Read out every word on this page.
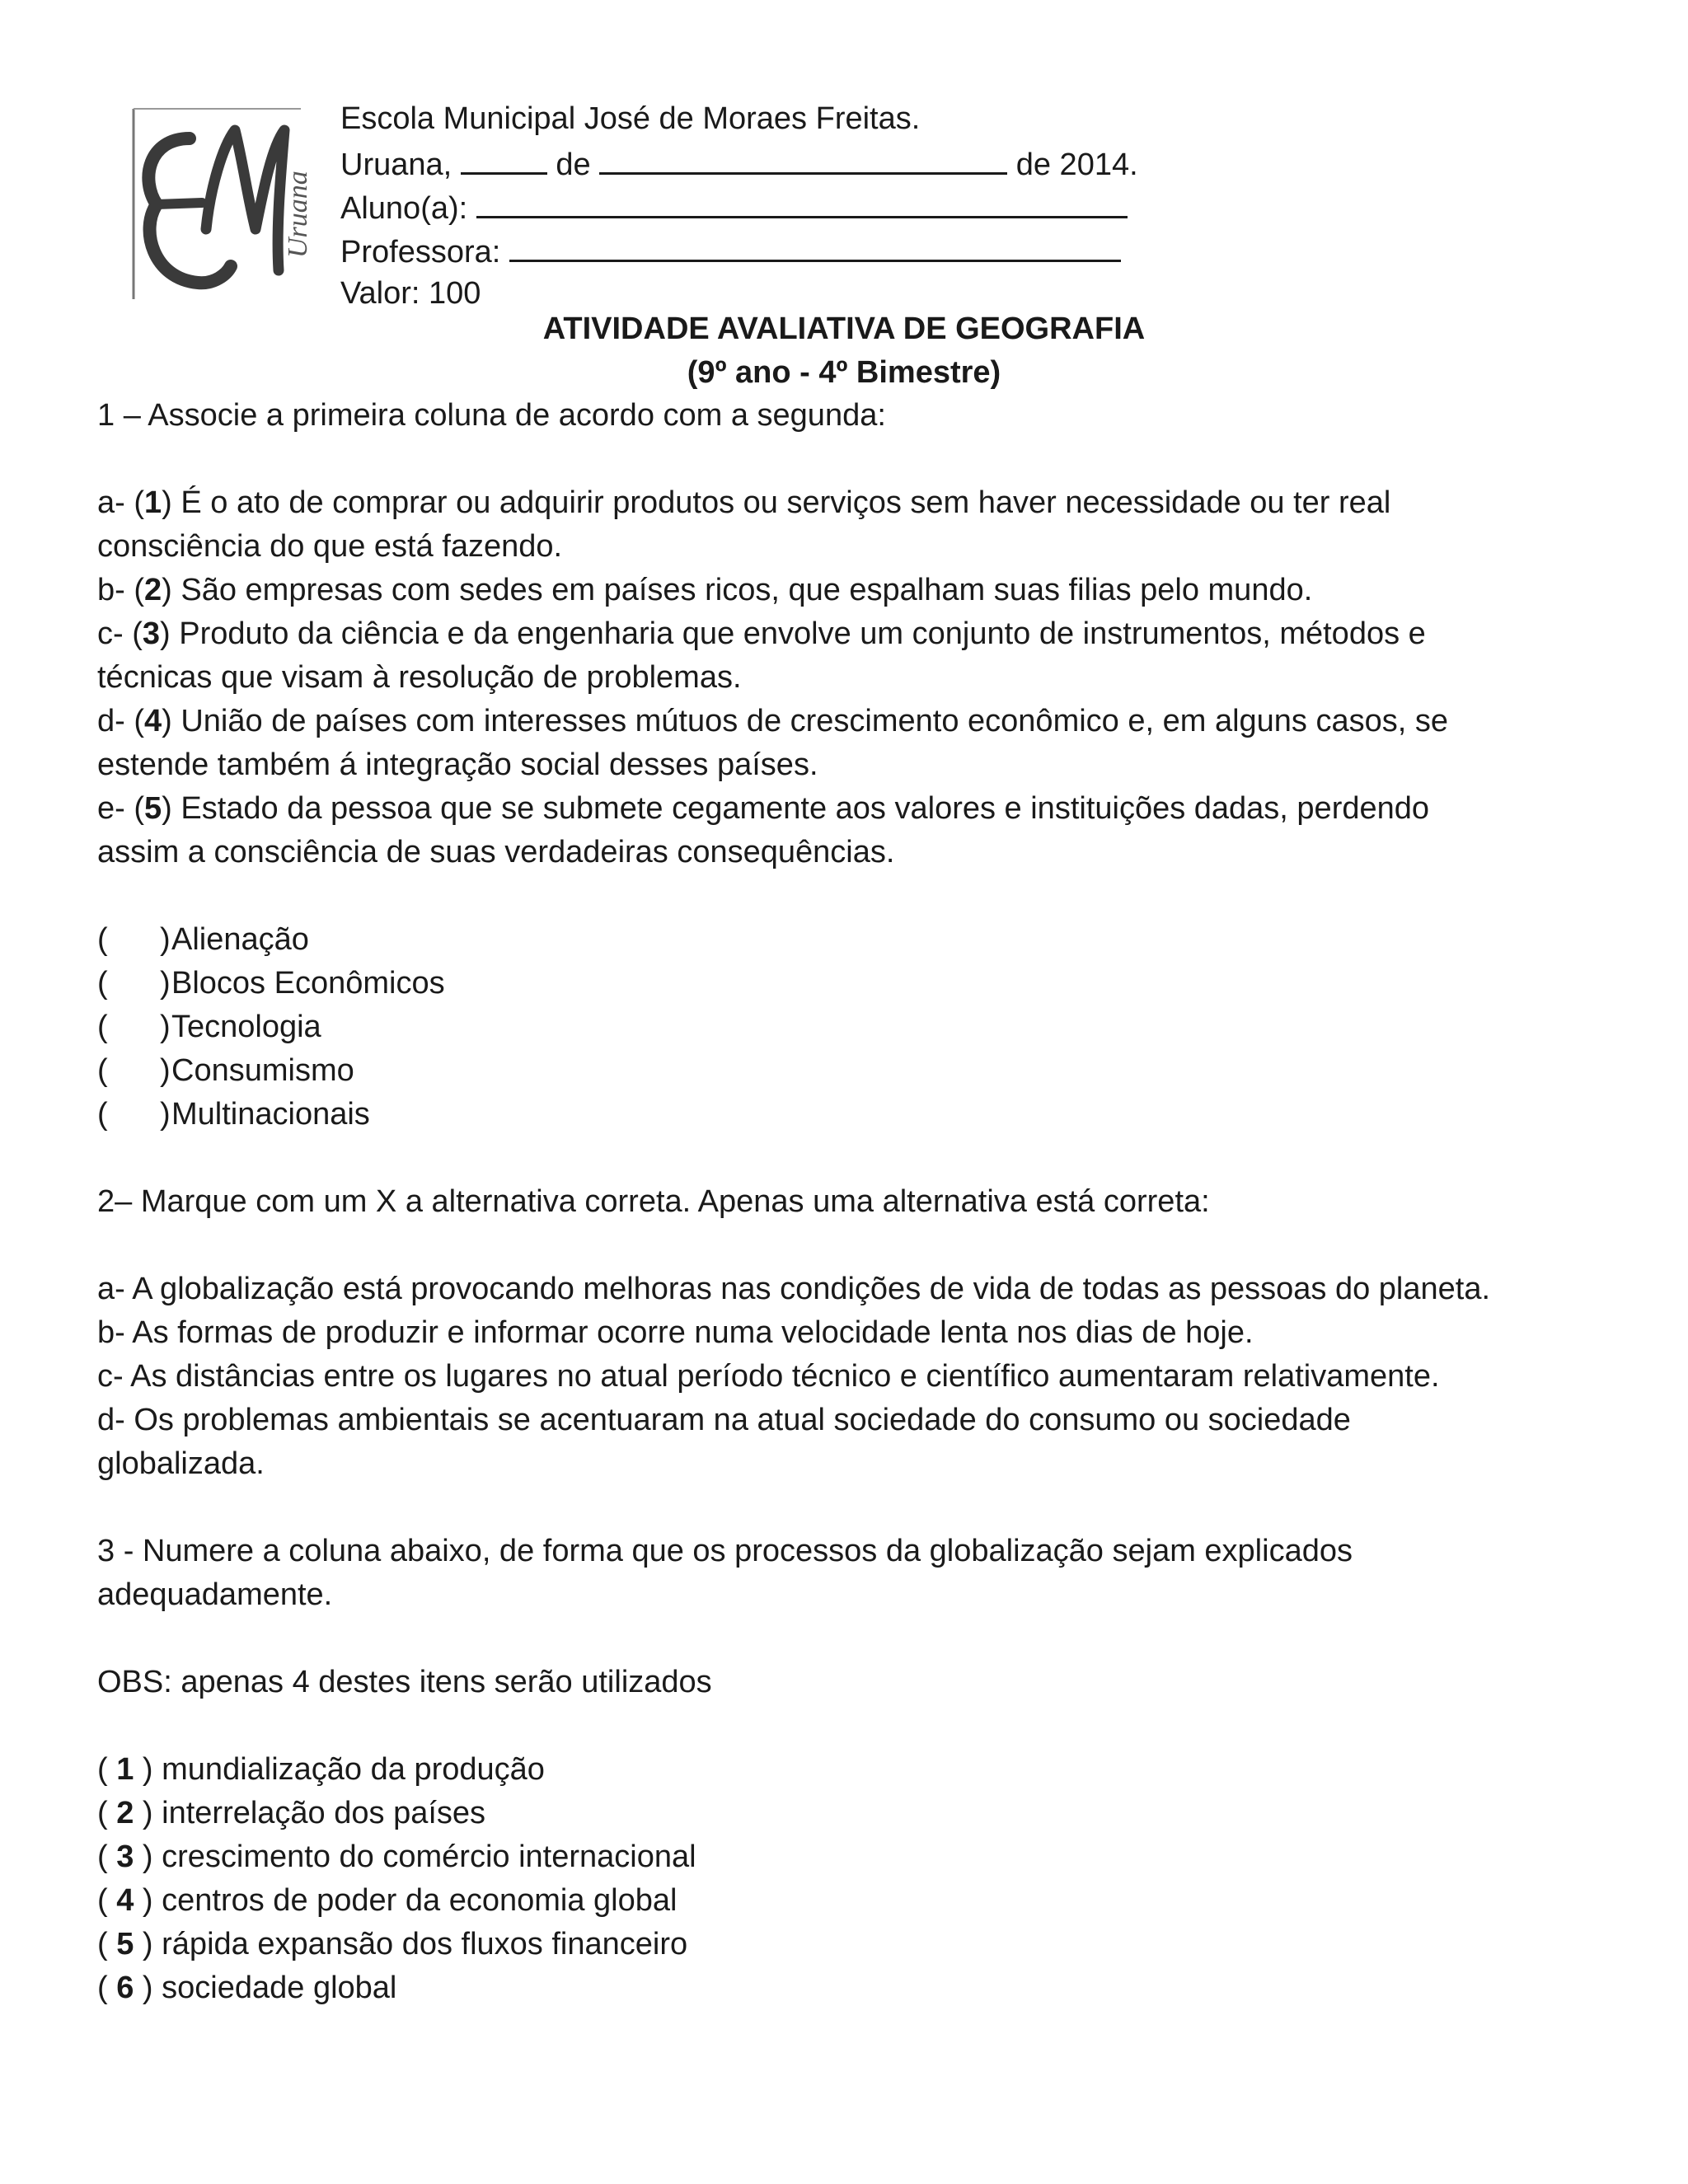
Uruana
Escola Municipal José de Moraes Freitas.
Uruana,	de	de 2014.
Aluno(a):
Professora:
Valor: 100
ATIVIDADE AVALIATIVA DE GEOGRAFIA
(9º ano - 4º Bimestre)
1 – Associe a primeira coluna de acordo com a segunda:
a- (1) É o ato de comprar ou adquirir produtos ou serviços sem haver necessidade ou ter real
consciência do que está fazendo.
b- (2) São empresas com sedes em países ricos, que espalham suas filias pelo mundo.
c- (3) Produto da ciência e da engenharia que envolve um conjunto de instrumentos, métodos e
técnicas que visam à resolução de problemas.
d- (4) União de países com interesses mútuos de crescimento econômico e, em alguns casos, se
estende também á integração social desses países.
e- (5) Estado da pessoa que se submete cegamente aos valores e instituições dadas, perdendo
assim a consciência de suas verdadeiras consequências.
(      ) Alienação
(      ) Blocos Econômicos
(      ) Tecnologia
(      ) Consumismo
(      ) Multinacionais
2– Marque com um X a alternativa correta. Apenas uma alternativa está correta:
a- A globalização está provocando melhoras nas condições de vida de todas as pessoas do planeta.
b- As formas de produzir e informar ocorre numa velocidade lenta nos dias de hoje.
c- As distâncias entre os lugares no atual período técnico e científico aumentaram relativamente.
d- Os problemas ambientais se acentuaram na atual sociedade do consumo ou sociedade
globalizada.
3 - Numere a coluna abaixo, de forma que os processos da globalização sejam explicados
adequadamente.
OBS: apenas 4 destes itens serão utilizados
( 1 ) mundialização da produção
( 2 ) interrelação dos países
( 3 ) crescimento do comércio internacional
( 4 ) centros de poder da economia global
( 5 ) rápida expansão dos fluxos financeiro
( 6 ) sociedade global
